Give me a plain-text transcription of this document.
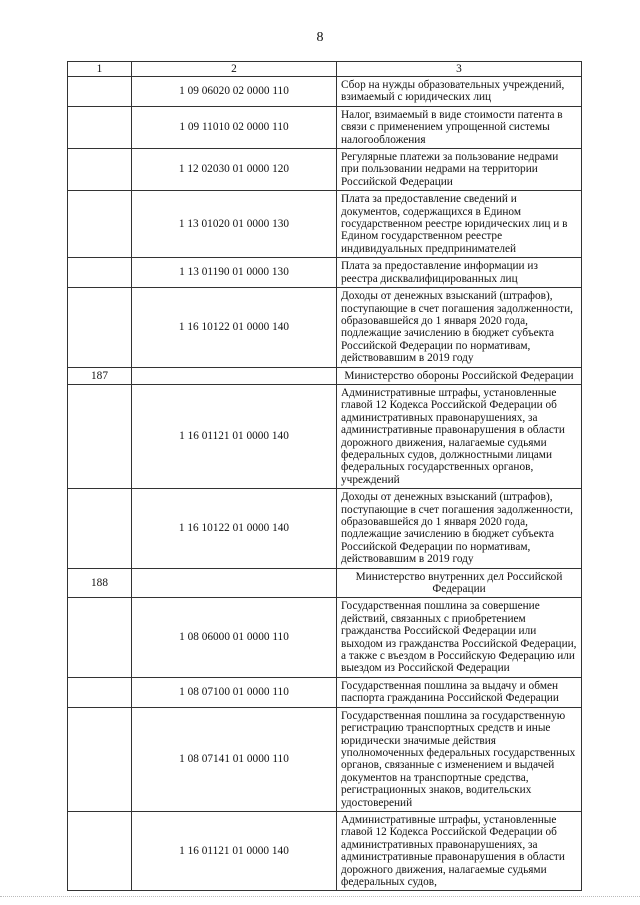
8
1	2	3
	1 09 06020 02 0000 110	Сбор на нужды образовательных учреждений, взимаемый с юридических лиц
	1 09 11010 02 0000 110	Налог, взимаемый в виде стоимости патента в связи с применением упрощенной системы налогообложения
	1 12 02030 01 0000 120	Регулярные платежи за пользование недрами при пользовании недрами на территории Российской Федерации
	1 13 01020 01 0000 130	Плата за предоставление сведений и документов, содержащихся в Едином государственном реестре юридических лиц и в Едином государственном реестре индивидуальных предпринимателей
	1 13 01190 01 0000 130	Плата за предоставление информации из реестра дисквалифицированных лиц
	1 16 10122 01 0000 140	Доходы от денежных взысканий (штрафов), поступающие в счет погашения задолженности, образовавшейся до 1 января 2020 года, подлежащие зачислению в бюджет субъекта Российской Федерации по нормативам, действовавшим в 2019 году
187		Министерство обороны Российской Федерации
	1 16 01121 01 0000 140	Административные штрафы, установленные главой 12 Кодекса Российской Федерации об административных правонарушениях, за административные правонарушения в области дорожного движения, налагаемые судьями федеральных судов, должностными лицами федеральных государственных органов, учреждений
	1 16 10122 01 0000 140	Доходы от денежных взысканий (штрафов), поступающие в счет погашения задолженности, образовавшейся до 1 января 2020 года, подлежащие зачислению в бюджет субъекта Российской Федерации по нормативам, действовавшим в 2019 году
188		Министерство внутренних дел Российской Федерации
	1 08 06000 01 0000 110	Государственная пошлина за совершение действий, связанных с приобретением гражданства Российской Федерации или выходом из гражданства Российской Федерации, а также с въездом в Российскую Федерацию или выездом из Российской Федерации
	1 08 07100 01 0000 110	Государственная пошлина за выдачу и обмен паспорта гражданина Российской Федерации
	1 08 07141 01 0000 110	Государственная пошлина за государственную регистрацию транспортных средств и иные юридически значимые действия уполномоченных федеральных государственных органов, связанные с изменением и выдачей документов на транспортные средства, регистрационных знаков, водительских удостоверений
	1 16 01121 01 0000 140	Административные штрафы, установленные главой 12 Кодекса Российской Федерации об административных правонарушениях, за административные правонарушения в области дорожного движения, налагаемые судьями федеральных судов,
